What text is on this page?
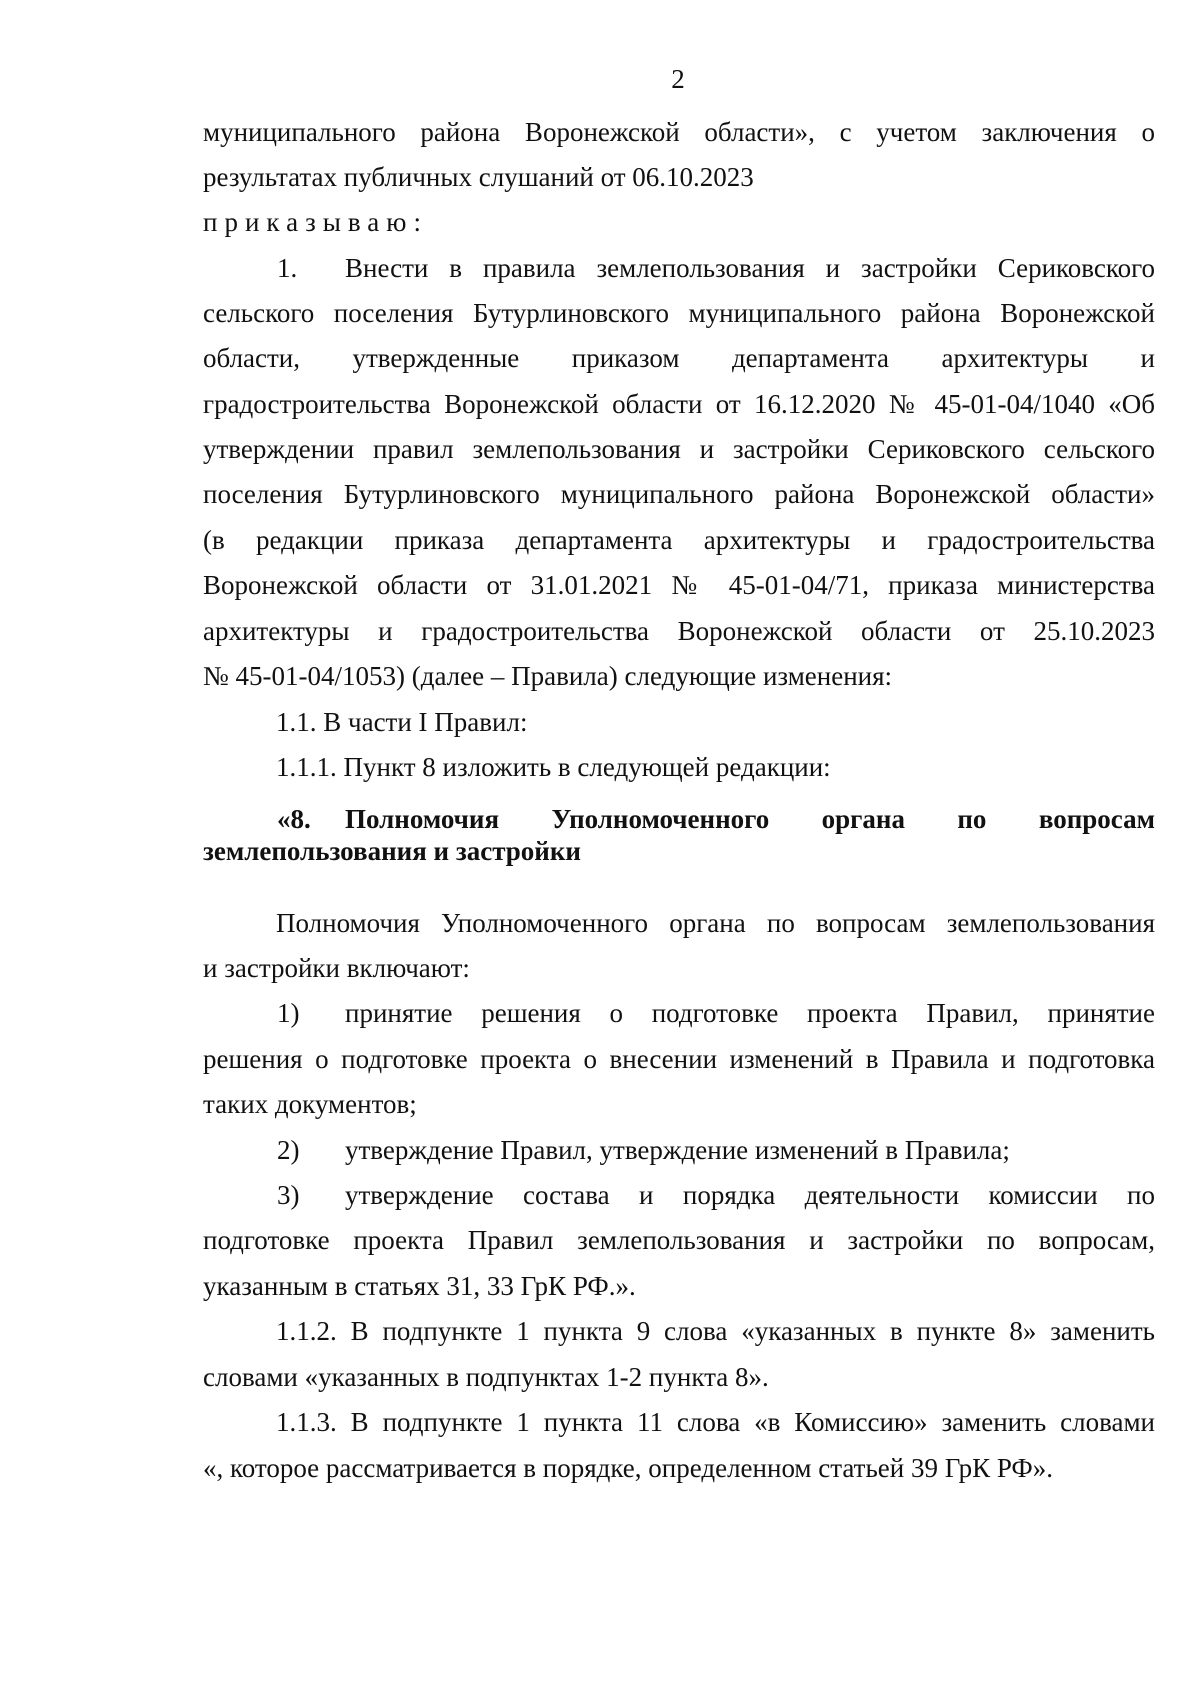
2
муниципального района Воронежской области», с учетом заключения о
результатах публичных слушаний от 06.10.2023
приказываю:
1. Внести в правила землепользования и застройки Сериковского
сельского поселения Бутурлиновского муниципального района Воронежской
области, утвержденные приказом департамента архитектуры и
градостроительства Воронежской области от 16.12.2020 № 45-01-04/1040 «Об
утверждении правил землепользования и застройки Сериковского сельского
поселения Бутурлиновского муниципального района Воронежской области»
(в редакции приказа департамента архитектуры и градостроительства
Воронежской области от 31.01.2021 № 45-01-04/71, приказа министерства
архитектуры и градостроительства Воронежской области от 25.10.2023
№ 45-01-04/1053) (далее – Правила) следующие изменения:
1.1. В части I Правил:
1.1.1. Пункт 8 изложить в следующей редакции:
«8. Полномочия Уполномоченного органа по вопросам
землепользования и застройки
Полномочия Уполномоченного органа по вопросам землепользования
и застройки включают:
1) принятие решения о подготовке проекта Правил, принятие
решения о подготовке проекта о внесении изменений в Правила и подготовка
таких документов;
2) утверждение Правил, утверждение изменений в Правила;
3) утверждение состава и порядка деятельности комиссии по
подготовке проекта Правил землепользования и застройки по вопросам,
указанным в статьях 31, 33 ГрК РФ.».
1.1.2. В подпункте 1 пункта 9 слова «указанных в пункте 8» заменить
словами «указанных в подпунктах 1-2 пункта 8».
1.1.3. В подпункте 1 пункта 11 слова «в Комиссию» заменить словами
«, которое рассматривается в порядке, определенном статьей 39 ГрК РФ».
